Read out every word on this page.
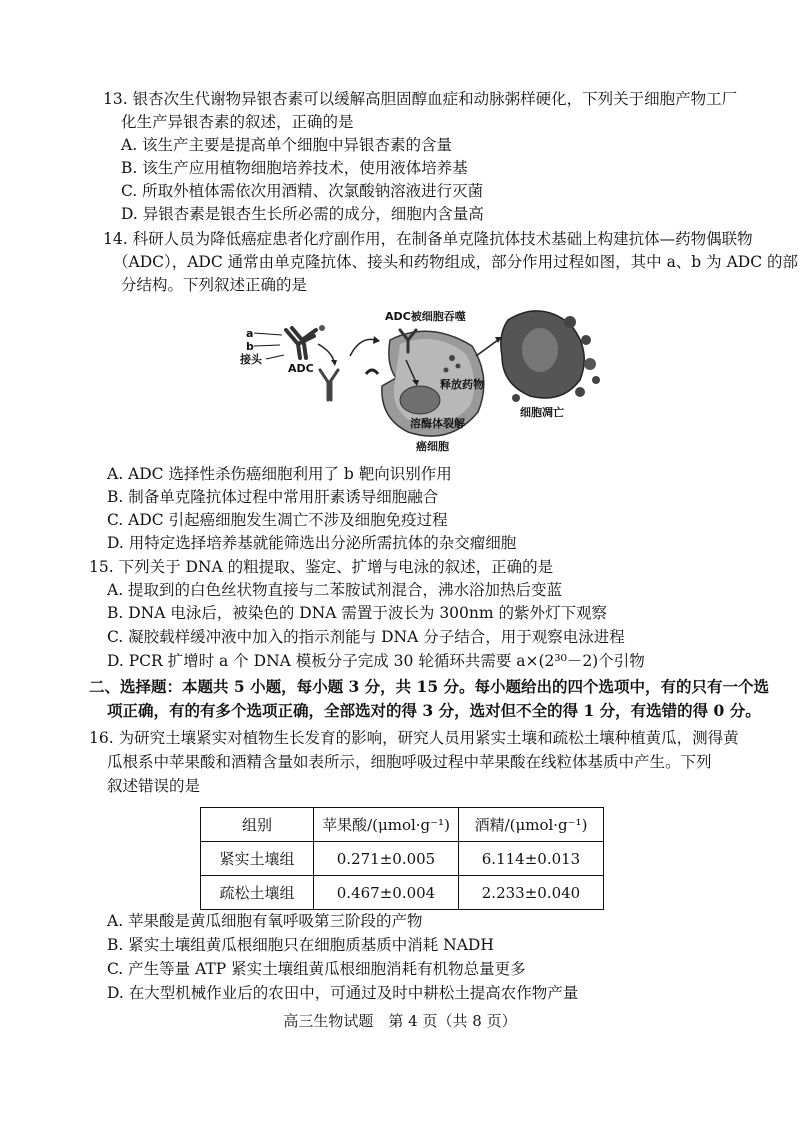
13. 银杏次生代谢物异银杏素可以缓解高胆固醇血症和动脉粥样硬化，下列关于细胞产物工厂
化生产异银杏素的叙述，正确的是
A. 该生产主要是提高单个细胞中异银杏素的含量
B. 该生产应用植物细胞培养技术，使用液体培养基
C. 所取外植体需依次用酒精、次氯酸钠溶液进行灭菌
D. 异银杏素是银杏生长所必需的成分，细胞内含量高
14. 科研人员为降低癌症患者化疗副作用，在制备单克隆抗体技术基础上构建抗体—药物偶联物
（ADC），ADC 通常由单克隆抗体、接头和药物组成，部分作用过程如图，其中 a、b 为 ADC 的部
分结构。下列叙述正确的是
a
b
接头
ADC
ADC被细胞吞噬
释放药物
溶酶体裂解
癌细胞
细胞凋亡
A. ADC 选择性杀伤癌细胞利用了 b 靶向识别作用
B. 制备单克隆抗体过程中常用肝素诱导细胞融合
C. ADC 引起癌细胞发生凋亡不涉及细胞免疫过程
D. 用特定选择培养基就能筛选出分泌所需抗体的杂交瘤细胞
15. 下列关于 DNA 的粗提取、鉴定、扩增与电泳的叙述，正确的是
A. 提取到的白色丝状物直接与二苯胺试剂混合，沸水浴加热后变蓝
B. DNA 电泳后，被染色的 DNA 需置于波长为 300nm 的紫外灯下观察
C. 凝胶载样缓冲液中加入的指示剂能与 DNA 分子结合，用于观察电泳进程
D. PCR 扩增时 a 个 DNA 模板分子完成 30 轮循环共需要 a×(2³⁰－2)个引物
二、选择题：本题共 5 小题，每小题 3 分，共 15 分。每小题给出的四个选项中，有的只有一个选
项正确，有的有多个选项正确，全部选对的得 3 分，选对但不全的得 1 分，有选错的得 0 分。
16. 为研究土壤紧实对植物生长发育的影响，研究人员用紧实土壤和疏松土壤种植黄瓜，测得黄
瓜根系中苹果酸和酒精含量如表所示，细胞呼吸过程中苹果酸在线粒体基质中产生。下列
叙述错误的是
组别	苹果酸/(μmol·g⁻¹)	酒精/(μmol·g⁻¹)
紧实土壤组	0.271±0.005	6.114±0.013
疏松土壤组	0.467±0.004	2.233±0.040
A. 苹果酸是黄瓜细胞有氧呼吸第三阶段的产物
B. 紧实土壤组黄瓜根细胞只在细胞质基质中消耗 NADH
C. 产生等量 ATP 紧实土壤组黄瓜根细胞消耗有机物总量更多
D. 在大型机械作业后的农田中，可通过及时中耕松土提高农作物产量
高三生物试题　第 4 页（共 8 页）
